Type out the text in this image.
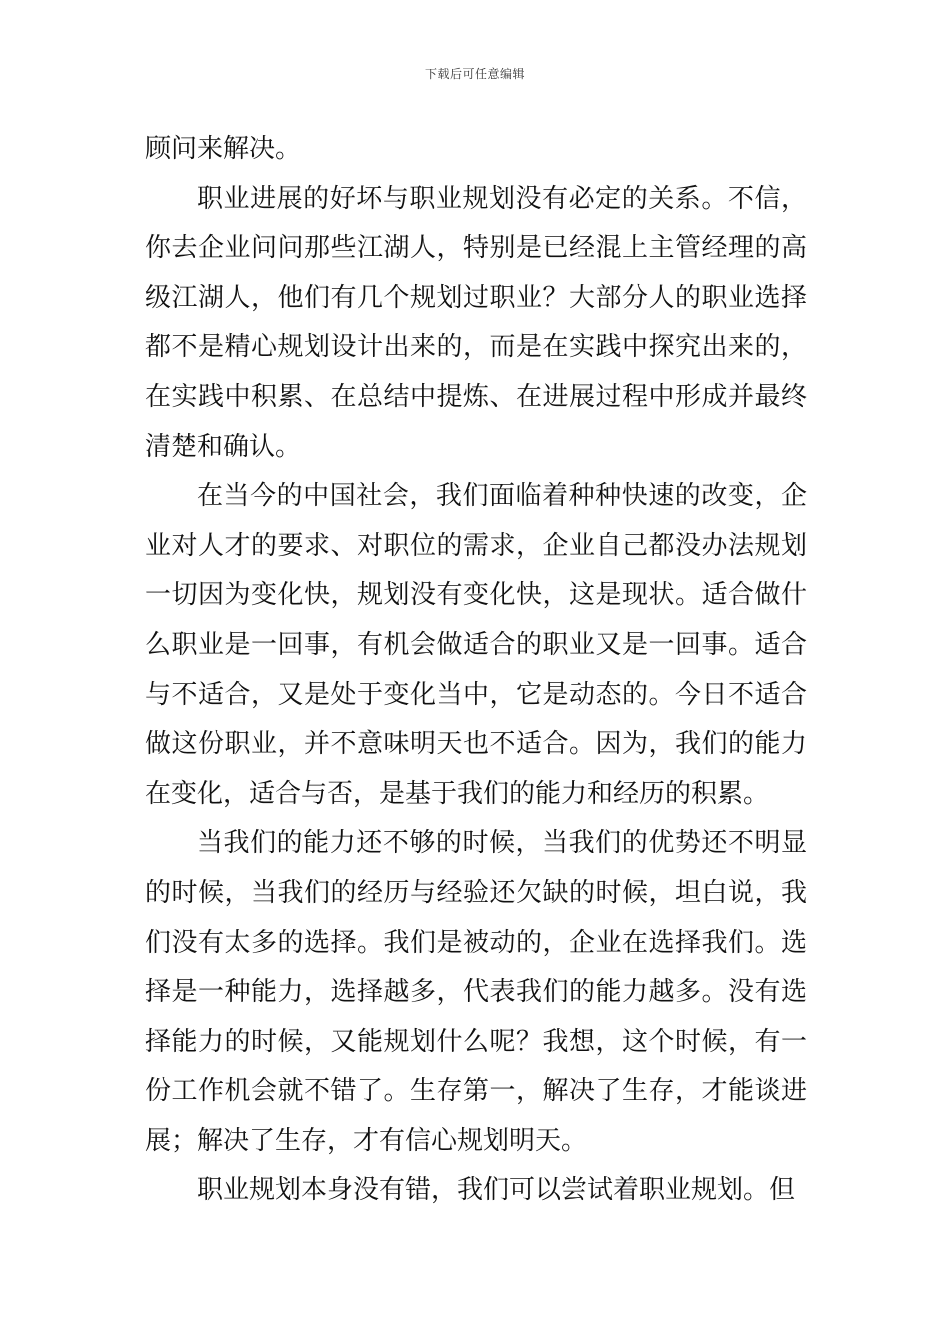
下载后可任意编辑

顾问来解决。

职业进展的好坏与职业规划没有必定的关系。不信，你去企业问问那些江湖人，特别是已经混上主管经理的高级江湖人，他们有几个规划过职业？大部分人的职业选择都不是精心规划设计出来的，而是在实践中探究出来的，在实践中积累、在总结中提炼、在进展过程中形成并最终清楚和确认。

在当今的中国社会，我们面临着种种快速的改变，企业对人才的要求、对职位的需求，企业自己都没办法规划一切因为变化快，规划没有变化快，这是现状。适合做什么职业是一回事，有机会做适合的职业又是一回事。适合与不适合，又是处于变化当中，它是动态的。今日不适合做这份职业，并不意味明天也不适合。因为，我们的能力在变化，适合与否，是基于我们的能力和经历的积累。

当我们的能力还不够的时候，当我们的优势还不明显的时候，当我们的经历与经验还欠缺的时候，坦白说，我们没有太多的选择。我们是被动的，企业在选择我们。选择是一种能力，选择越多，代表我们的能力越多。没有选择能力的时候，又能规划什么呢？我想，这个时候，有一份工作机会就不错了。生存第一，解决了生存，才能谈进展；解决了生存，才有信心规划明天。

职业规划本身没有错，我们可以尝试着职业规划。但
